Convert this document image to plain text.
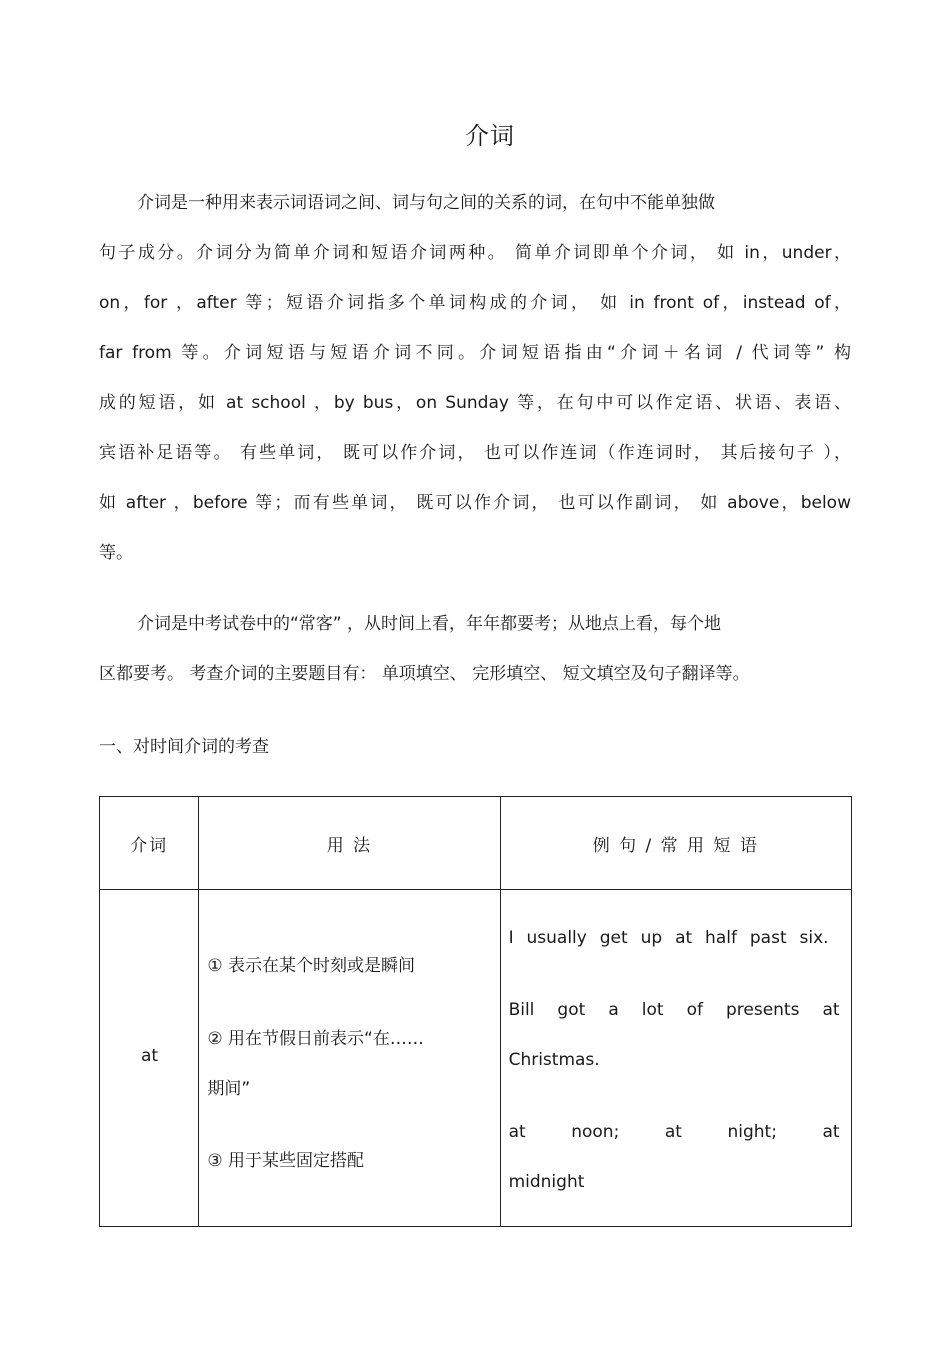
介词
介词是一种用来表示词语词之间、词与句之间的关系的词，在句中不能单独做
句子成分。介词分为简单介词和短语介词两种。 简单介词即单个介词， 如 in，under，
on，for ，after 等；短语介词指多个单词构成的介词， 如 in front of，instead of，
far from 等。介词短语与短语介词不同。介词短语指由“介词＋名词 / 代词等” 构
成的短语，如 at school ，by bus，on Sunday 等，在句中可以作定语、状语、表语、
宾语补足语等。 有些单词， 既可以作介词， 也可以作连词（作连词时， 其后接句子 ），
如 after ，before 等；而有些单词， 既可以作介词， 也可以作副词， 如 above，below
等。
介词是中考试卷中的“常客” ，从时间上看，年年都要考；从地点上看，每个地
区都要考。 考查介词的主要题目有： 单项填空、 完形填空、 短文填空及句子翻译等。
一、对时间介词的考查
介词	用 法	例 句 / 常 用 短 语

at	① 表示在某个时刻或是瞬间
② 用在节假日前表示“在……
期间”
③ 用于某些固定搭配	I usually get up at half past six.
Bill got a lot of presents at
Christmas.
at noon; at night; at
midnight
